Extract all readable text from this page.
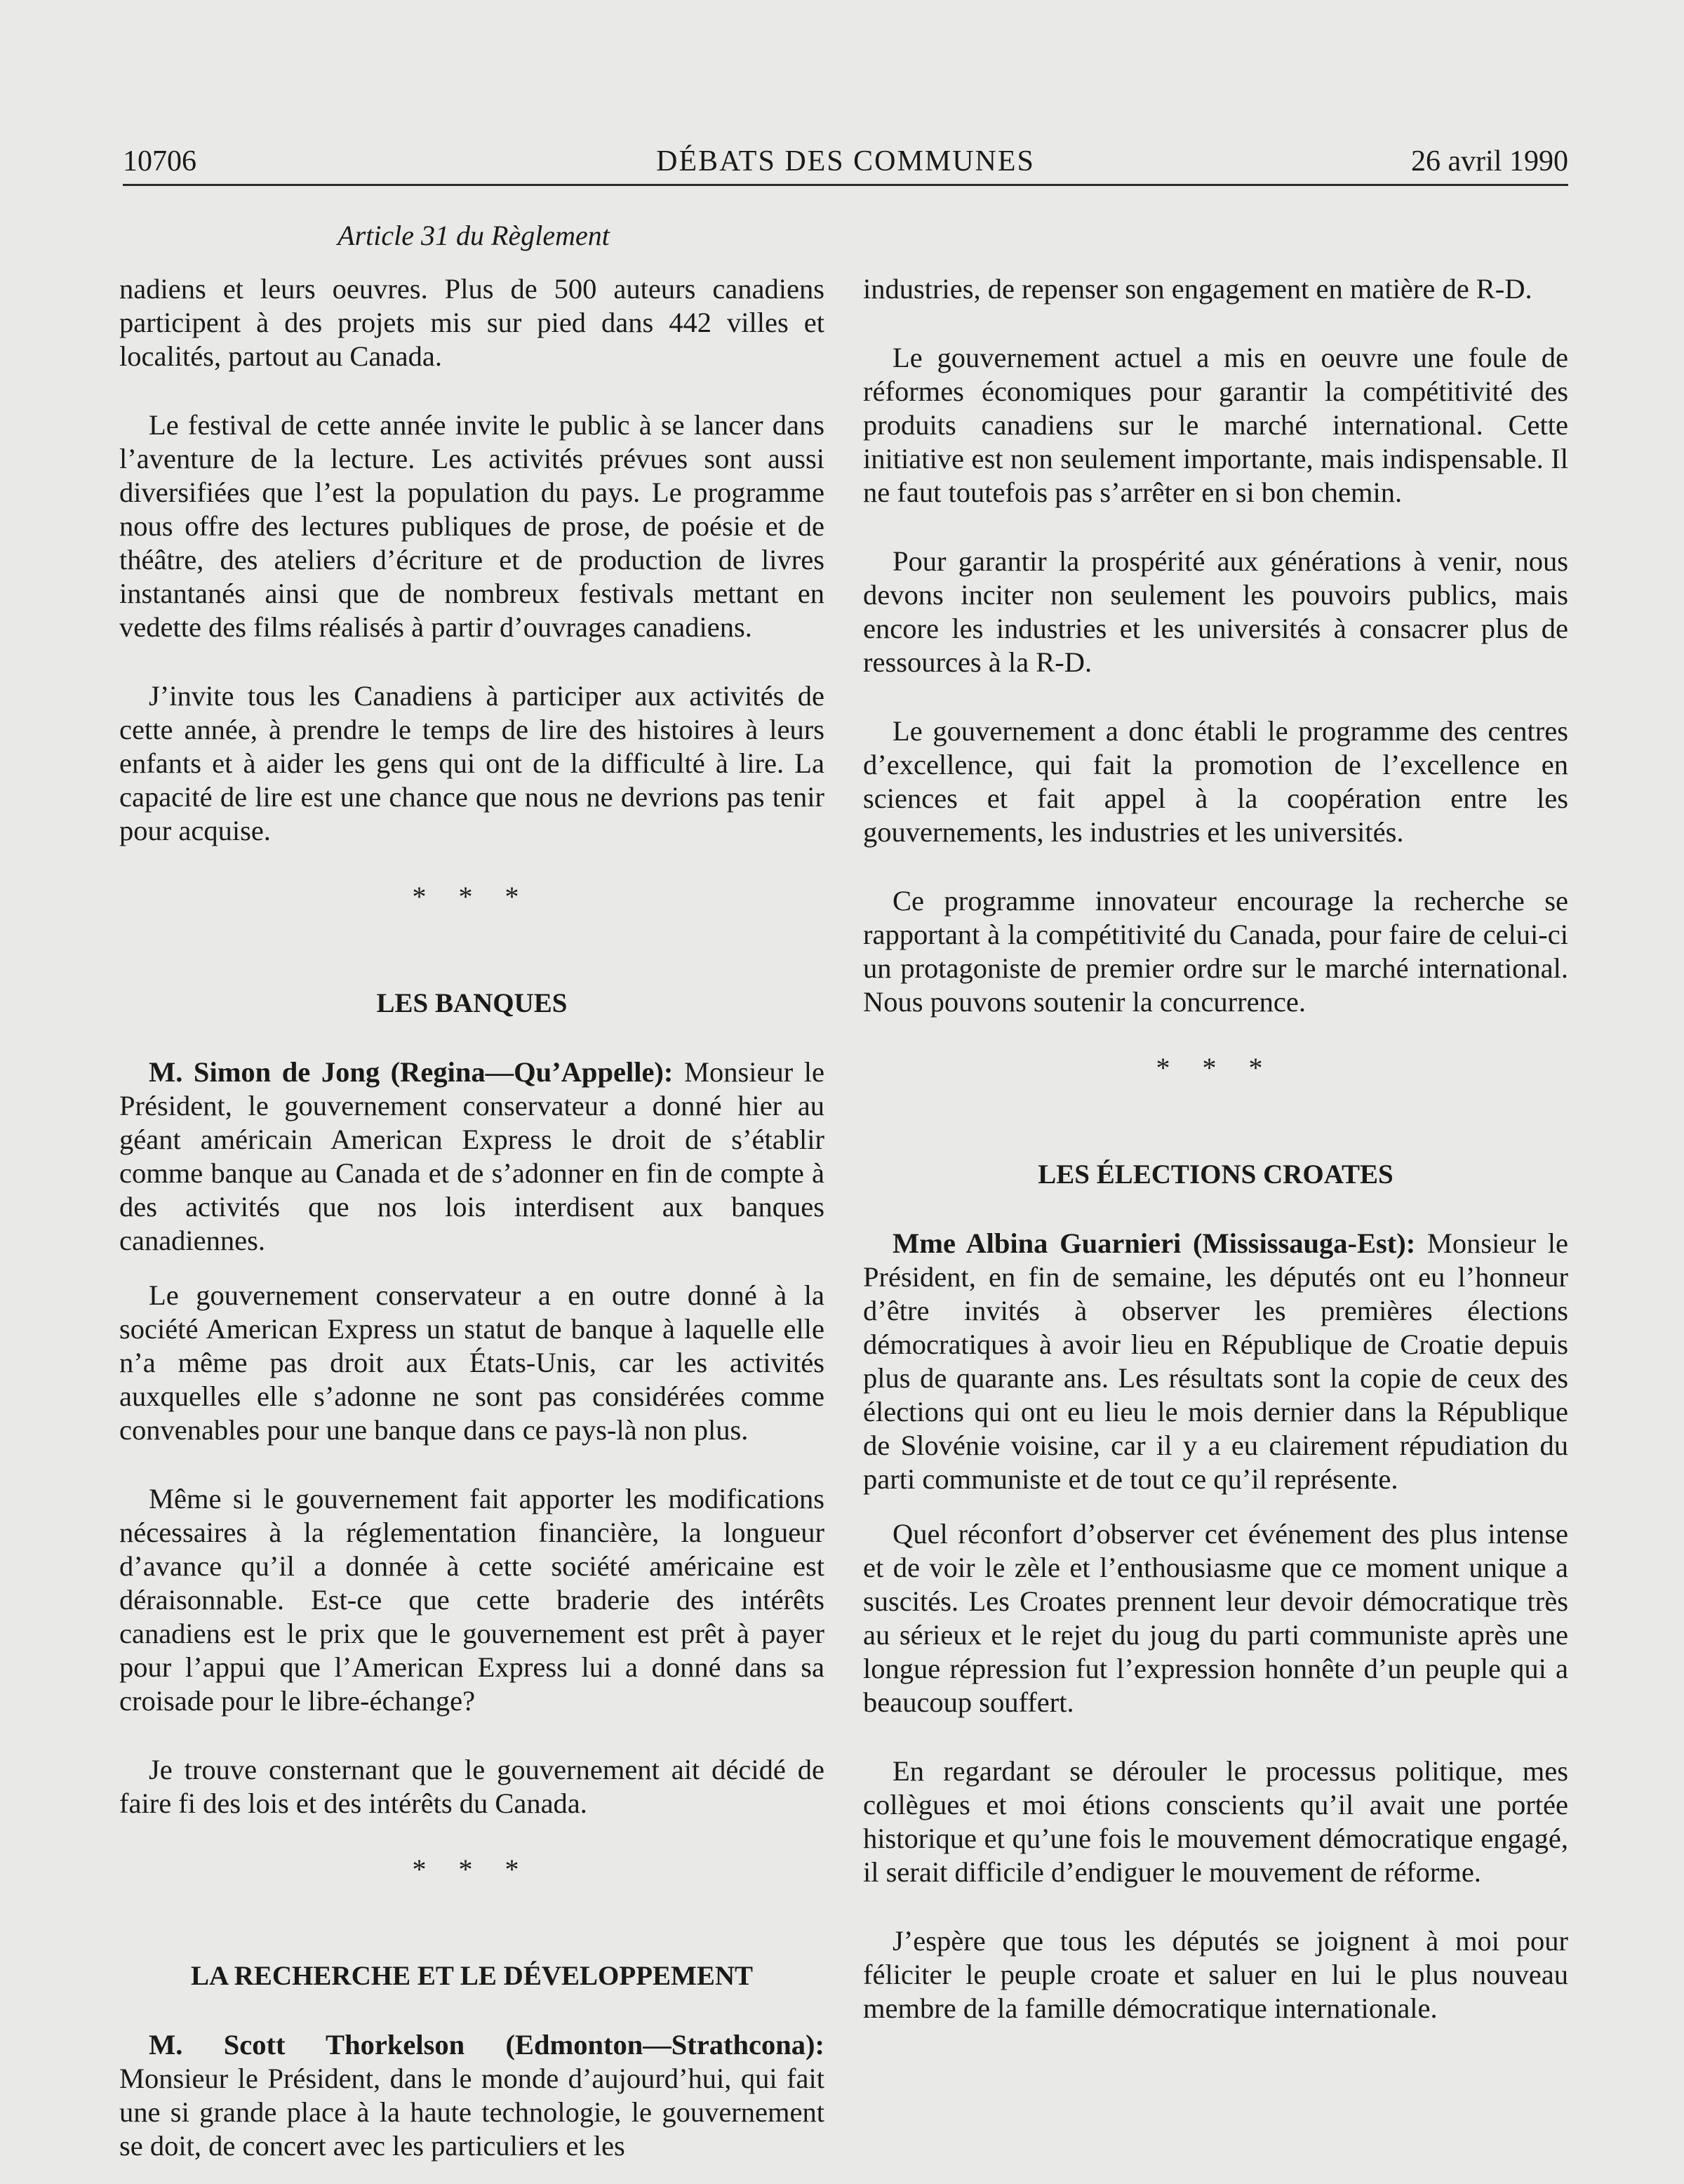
10706	DÉBATS DES COMMUNES	26 avril 1990
Article 31 du Règlement

nadiens et leurs oeuvres. Plus de 500 auteurs canadiens participent à des projets mis sur pied dans 442 villes et localités, partout au Canada.

Le festival de cette année invite le public à se lancer dans l’aventure de la lecture. Les activités prévues sont aussi diversifiées que l’est la population du pays. Le programme nous offre des lectures publiques de prose, de poésie et de théâtre, des ateliers d’écriture et de production de livres instantanés ainsi que de nombreux festivals mettant en vedette des films réalisés à partir d’ouvrages canadiens.

J’invite tous les Canadiens à participer aux activités de cette année, à prendre le temps de lire des histoires à leurs enfants et à aider les gens qui ont de la difficulté à lire. La capacité de lire est une chance que nous ne devrions pas tenir pour acquise.

* * *
LES BANQUES

M. Simon de Jong (Regina—Qu’Appelle): Monsieur le Président, le gouvernement conservateur a donné hier au géant américain American Express le droit de s’établir comme banque au Canada et de s’adonner en fin de compte à des activités que nos lois interdisent aux banques canadiennes.

Le gouvernement conservateur a en outre donné à la société American Express un statut de banque à laquelle elle n’a même pas droit aux États-Unis, car les activités auxquelles elle s’adonne ne sont pas considérées comme convenables pour une banque dans ce pays-là non plus.

Même si le gouvernement fait apporter les modifications nécessaires à la réglementation financière, la longueur d’avance qu’il a donnée à cette société américaine est déraisonnable. Est-ce que cette braderie des intérêts canadiens est le prix que le gouvernement est prêt à payer pour l’appui que l’American Express lui a donné dans sa croisade pour le libre-échange?

Je trouve consternant que le gouvernement ait décidé de faire fi des lois et des intérêts du Canada.

* * *
LA RECHERCHE ET LE DÉVELOPPEMENT

M. Scott Thorkelson (Edmonton—Strathcona): Monsieur le Président, dans le monde d’aujourd’hui, qui fait une si grande place à la haute technologie, le gouvernement se doit, de concert avec les particuliers et les

industries, de repenser son engagement en matière de R-D.

Le gouvernement actuel a mis en oeuvre une foule de réformes économiques pour garantir la compétitivité des produits canadiens sur le marché international. Cette initiative est non seulement importante, mais indispensable. Il ne faut toutefois pas s’arrêter en si bon chemin.

Pour garantir la prospérité aux générations à venir, nous devons inciter non seulement les pouvoirs publics, mais encore les industries et les universités à consacrer plus de ressources à la R-D.

Le gouvernement a donc établi le programme des centres d’excellence, qui fait la promotion de l’excellence en sciences et fait appel à la coopération entre les gouvernements, les industries et les universités.

Ce programme innovateur encourage la recherche se rapportant à la compétitivité du Canada, pour faire de celui-ci un protagoniste de premier ordre sur le marché international. Nous pouvons soutenir la concurrence.

* * *
LES ÉLECTIONS CROATES

Mme Albina Guarnieri (Mississauga-Est): Monsieur le Président, en fin de semaine, les députés ont eu l’honneur d’être invités à observer les premières élections démocratiques à avoir lieu en République de Croatie depuis plus de quarante ans. Les résultats sont la copie de ceux des élections qui ont eu lieu le mois dernier dans la République de Slovénie voisine, car il y a eu clairement répudiation du parti communiste et de tout ce qu’il représente.

Quel réconfort d’observer cet événement des plus intense et de voir le zèle et l’enthousiasme que ce moment unique a suscités. Les Croates prennent leur devoir démocratique très au sérieux et le rejet du joug du parti communiste après une longue répression fut l’expression honnête d’un peuple qui a beaucoup souffert.

En regardant se dérouler le processus politique, mes collègues et moi étions conscients qu’il avait une portée historique et qu’une fois le mouvement démocratique engagé, il serait difficile d’endiguer le mouvement de réforme.

J’espère que tous les députés se joignent à moi pour féliciter le peuple croate et saluer en lui le plus nouveau membre de la famille démocratique internationale.
